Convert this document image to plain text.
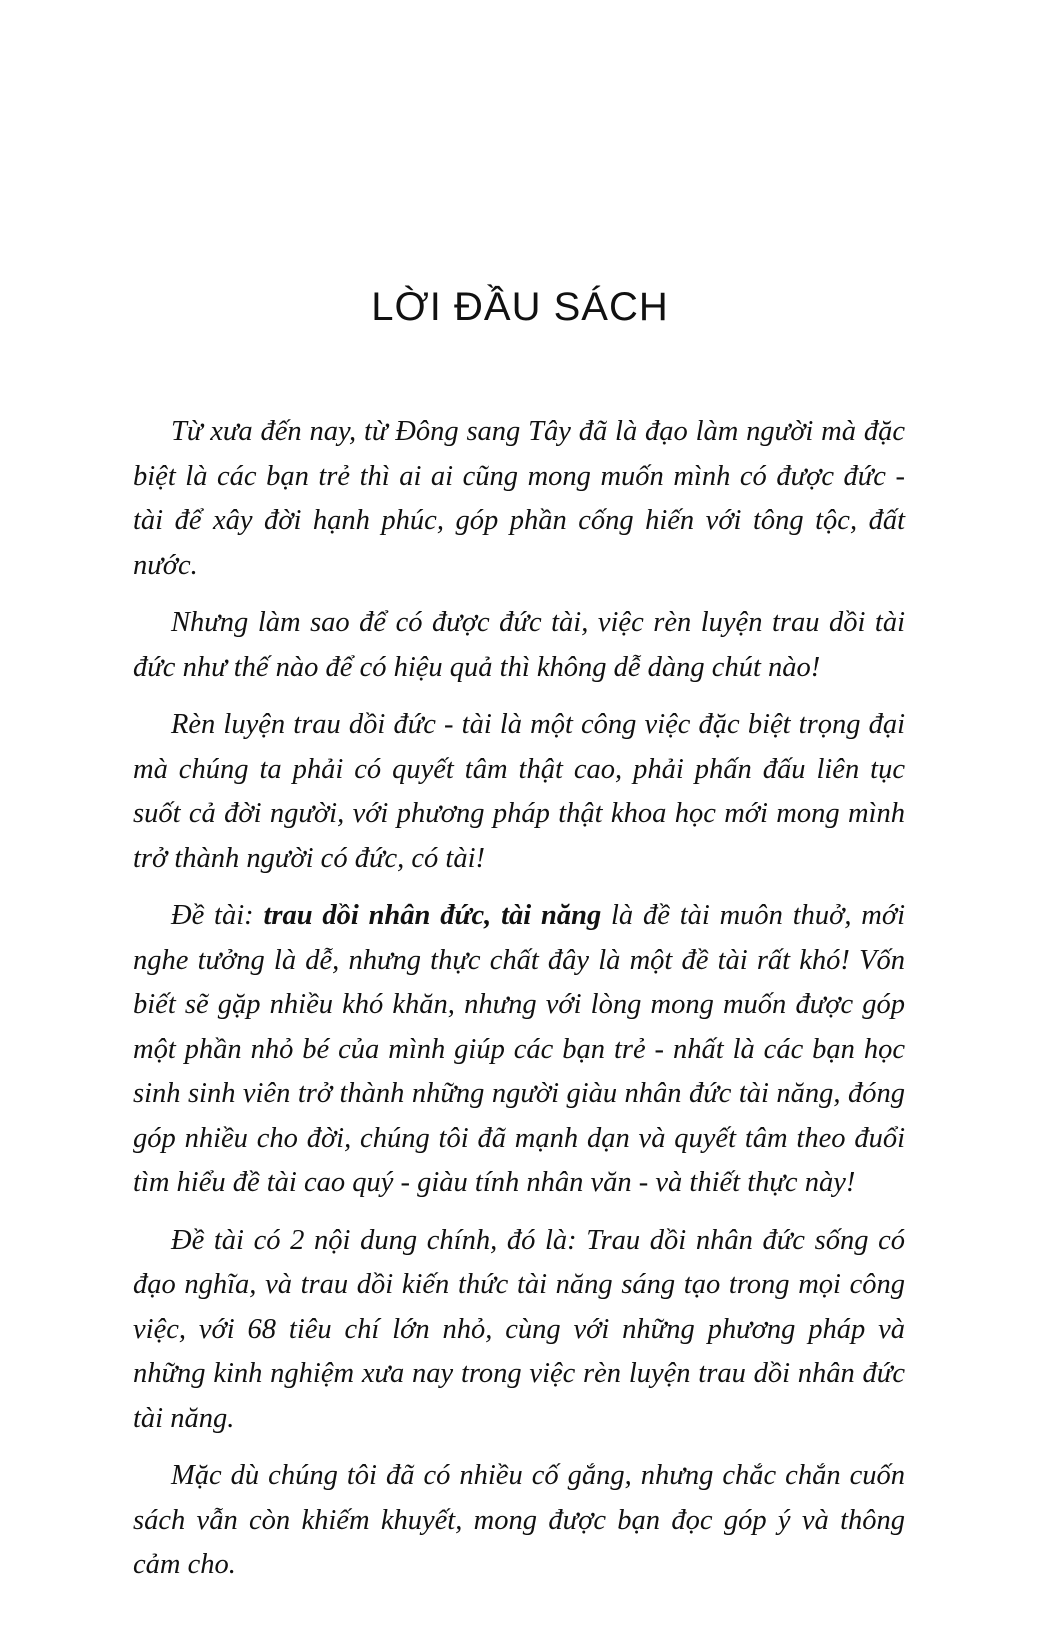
LỜI ĐẦU SÁCH

Từ xưa đến nay, từ Đông sang Tây đã là đạo làm người mà đặc biệt là các bạn trẻ thì ai ai cũng mong muốn mình có được đức - tài để xây đời hạnh phúc, góp phần cống hiến với tông tộc, đất nước.

Nhưng làm sao để có được đức tài, việc rèn luyện trau dồi tài đức như thế nào để có hiệu quả thì không dễ dàng chút nào!

Rèn luyện trau dồi đức - tài là một công việc đặc biệt trọng đại mà chúng ta phải có quyết tâm thật cao, phải phấn đấu liên tục suốt cả đời người, với phương pháp thật khoa học mới mong mình trở thành người có đức, có tài!

Đề tài: trau dồi nhân đức, tài năng là đề tài muôn thuở, mới nghe tưởng là dễ, nhưng thực chất đây là một đề tài rất khó! Vốn biết sẽ gặp nhiều khó khăn, nhưng với lòng mong muốn được góp một phần nhỏ bé của mình giúp các bạn trẻ - nhất là các bạn học sinh sinh viên trở thành những người giàu nhân đức tài năng, đóng góp nhiều cho đời, chúng tôi đã mạnh dạn và quyết tâm theo đuổi tìm hiểu đề tài cao quý - giàu tính nhân văn - và thiết thực này!

Đề tài có 2 nội dung chính, đó là: Trau dồi nhân đức sống có đạo nghĩa, và trau dồi kiến thức tài năng sáng tạo trong mọi công việc, với 68 tiêu chí lớn nhỏ, cùng với những phương pháp và những kinh nghiệm xưa nay trong việc rèn luyện trau dồi nhân đức tài năng.

Mặc dù chúng tôi đã có nhiều cố gắng, nhưng chắc chắn cuốn sách vẫn còn khiếm khuyết, mong được bạn đọc góp ý và thông cảm cho.
